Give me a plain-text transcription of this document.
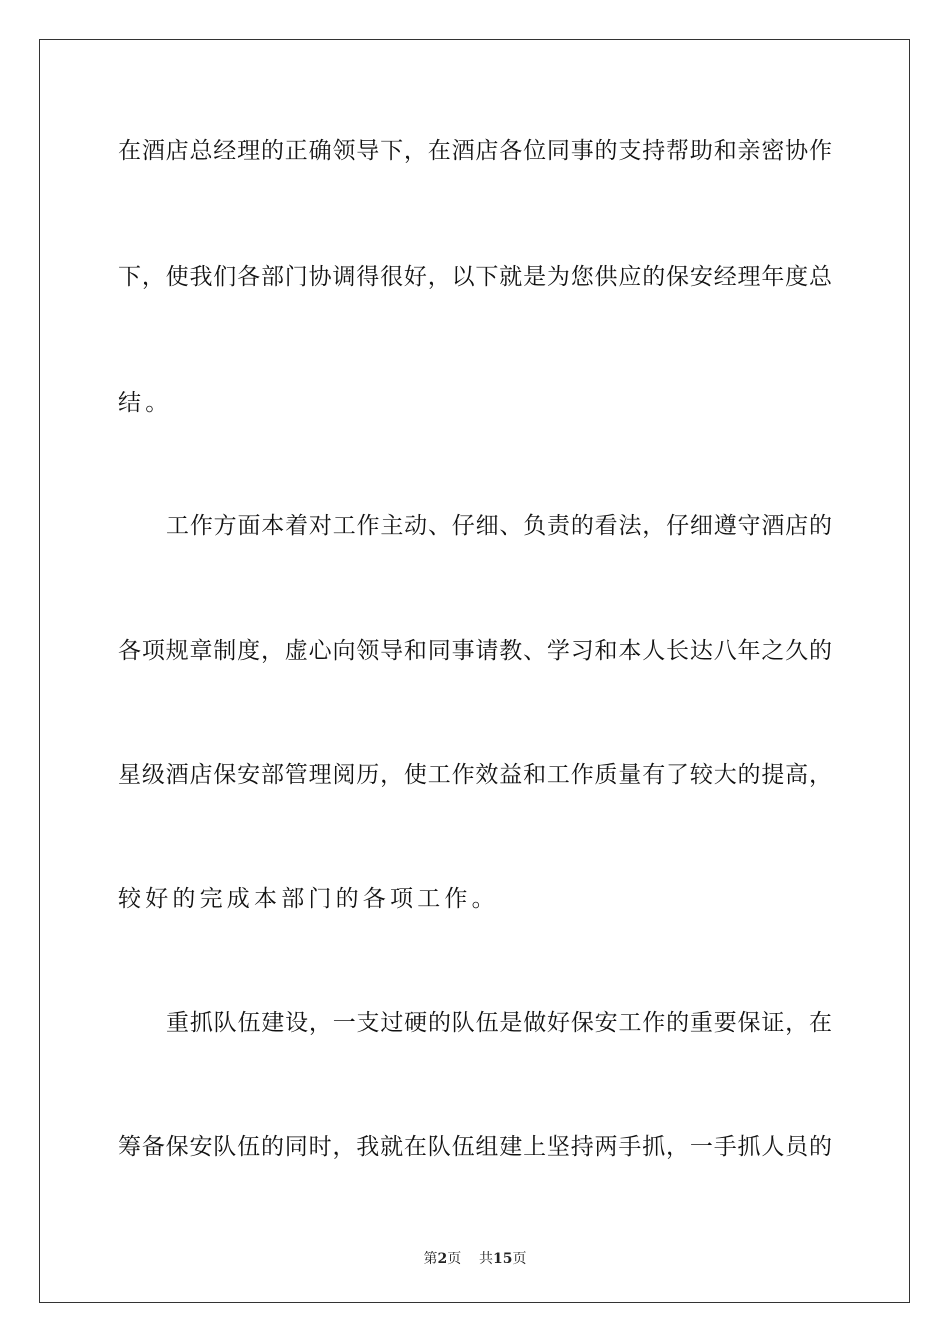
在酒店总经理的正确领导下，在酒店各位同事的支持帮助和亲密协作
下，使我们各部门协调得很好，以下就是为您供应的保安经理年度总
结。
工作方面本着对工作主动、仔细、负责的看法，仔细遵守酒店的
各项规章制度，虚心向领导和同事请教、学习和本人长达八年之久的
星级酒店保安部管理阅历，使工作效益和工作质量有了较大的提高，
较好的完成本部门的各项工作。
重抓队伍建设，一支过硬的队伍是做好保安工作的重要保证，在
筹备保安队伍的同时，我就在队伍组建上坚持两手抓，一手抓人员的
第2页 共15页
